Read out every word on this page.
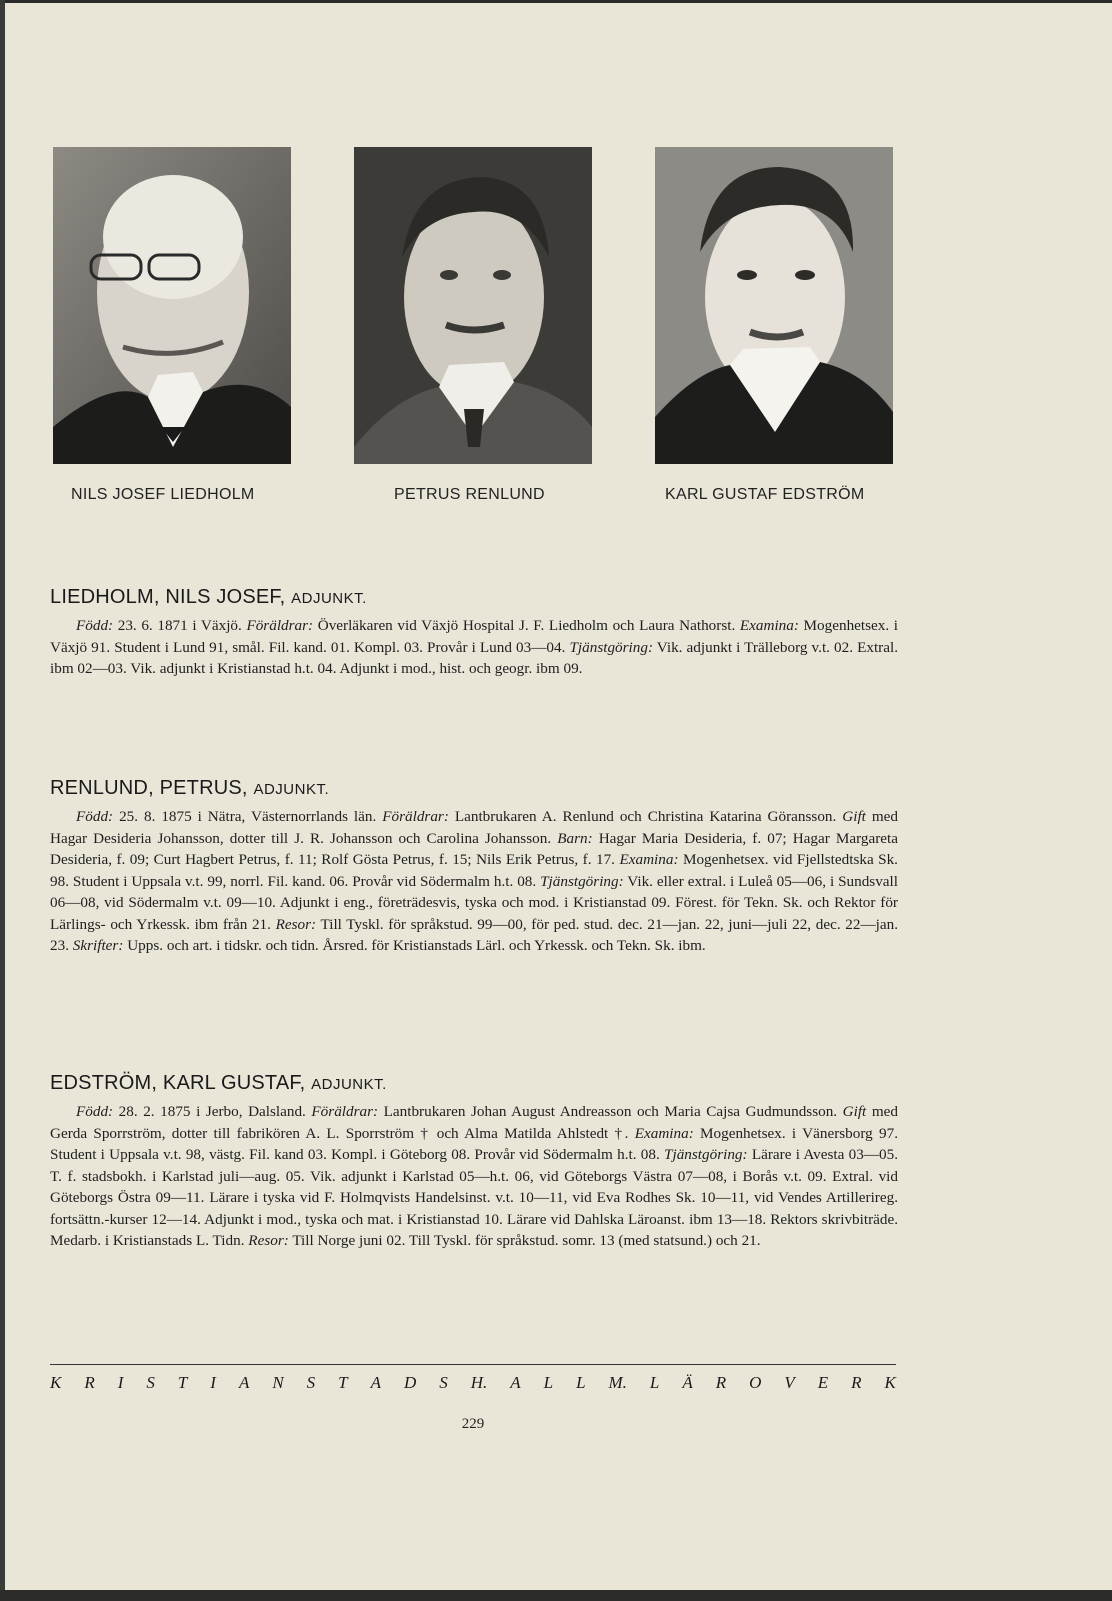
NILS JOSEF LIEDHOLM	PETRUS RENLUND	KARL GUSTAF EDSTRÖM
LIEDHOLM, NILS JOSEF, ADJUNKT.

Född: 23. 6. 1871 i Växjö. Föräldrar: Överläkaren vid Växjö Hospital J. F. Liedholm och Laura Nathorst. Examina: Mogenhetsex. i Växjö 91. Student i Lund 91, smål. Fil. kand. 01. Kompl. 03. Provår i Lund 03—04. Tjänstgöring: Vik. adjunkt i Trälleborg v.t. 02. Extral. ibm 02—03. Vik. adjunkt i Kristianstad h.t. 04. Adjunkt i mod., hist. och geogr. ibm 09.

RENLUND, PETRUS, ADJUNKT.

Född: 25. 8. 1875 i Nätra, Västernorrlands län. Föräldrar: Lantbrukaren A. Renlund och Christina Katarina Göransson. Gift med Hagar Desideria Johansson, dotter till J. R. Johansson och Carolina Johansson. Barn: Hagar Maria Desideria, f. 07; Hagar Margareta Desideria, f. 09; Curt Hagbert Petrus, f. 11; Rolf Gösta Petrus, f. 15; Nils Erik Petrus, f. 17. Examina: Mogenhetsex. vid Fjellstedtska Sk. 98. Student i Uppsala v.t. 99, norrl. Fil. kand. 06. Provår vid Södermalm h.t. 08. Tjänstgöring: Vik. eller extral. i Luleå 05—06, i Sundsvall 06—08, vid Södermalm v.t. 09—10. Adjunkt i eng., företrädesvis, tyska och mod. i Kristianstad 09. Förest. för Tekn. Sk. och Rektor för Lärlings- och Yrkessk. ibm från 21. Resor: Till Tyskl. för språkstud. 99—00, för ped. stud. dec. 21—jan. 22, juni—juli 22, dec. 22—jan. 23. Skrifter: Upps. och art. i tidskr. och tidn. Årsred. för Kristianstads Lärl. och Yrkessk. och Tekn. Sk. ibm.

EDSTRÖM, KARL GUSTAF, ADJUNKT.

Född: 28. 2. 1875 i Jerbo, Dalsland. Föräldrar: Lantbrukaren Johan August Andreasson och Maria Cajsa Gudmundsson. Gift med Gerda Sporrström, dotter till fabrikören A. L. Sporrström † och Alma Matilda Ahlstedt †. Examina: Mogenhetsex. i Vänersborg 97. Student i Uppsala v.t. 98, västg. Fil. kand 03. Kompl. i Göteborg 08. Provår vid Södermalm h.t. 08. Tjänstgöring: Lärare i Avesta 03—05. T. f. stadsbokh. i Karlstad juli—aug. 05. Vik. adjunkt i Karlstad 05—h.t. 06, vid Göteborgs Västra 07—08, i Borås v.t. 09. Extral. vid Göteborgs Östra 09—11. Lärare i tyska vid F. Holmqvists Handelsinst. v.t. 10—11, vid Eva Rodhes Sk. 10—11, vid Vendes Artillerireg. fortsättn.-kurser 12—14. Adjunkt i mod., tyska och mat. i Kristianstad 10. Lärare vid Dahlska Läroanst. ibm 13—18. Rektors skrivbiträde. Medarb. i Kristianstads L. Tidn. Resor: Till Norge juni 02. Till Tyskl. för språkstud. somr. 13 (med statsund.) och 21.

K R I S T I A N S T A D S H. A L L M. L Ä R O V E R K
229
